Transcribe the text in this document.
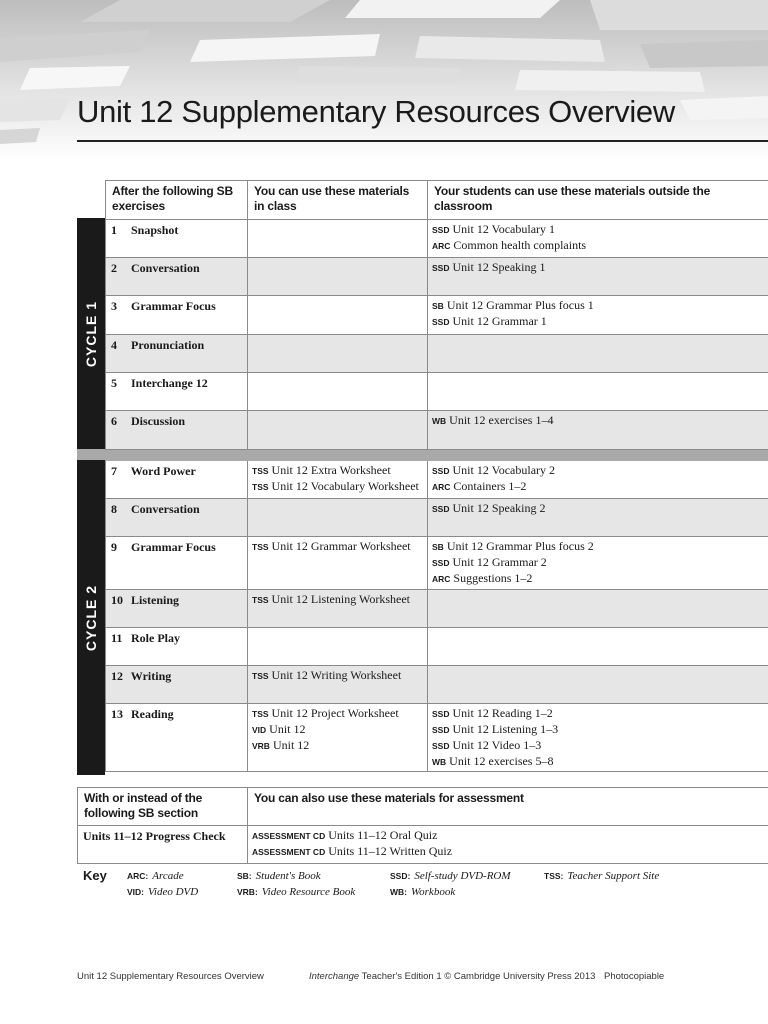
Unit 12 Supplementary Resources Overview
CYCLE 1
CYCLE 2
After the following SB exercises	You can use these materials in class	Your students can use these materials outside the classroom
1 Snapshot		SSD Unit 12 Vocabulary 1
ARC Common health complaints

2 Conversation		SSD Unit 12 Speaking 1

3 Grammar Focus		SB Unit 12 Grammar Plus focus 1
SSD Unit 12 Grammar 1

4 Pronunciation		
5 Interchange 12		
6 Discussion		WB Unit 12 exercises 1–4

7 Word Power	TSS Unit 12 Extra Worksheet
TSS Unit 12 Vocabulary Worksheet	SSD Unit 12 Vocabulary 2
ARC Containers 1–2

8 Conversation		SSD Unit 12 Speaking 2

9 Grammar Focus	TSS Unit 12 Grammar Worksheet	SB Unit 12 Grammar Plus focus 2
SSD Unit 12 Grammar 2
ARC Suggestions 1–2

10 Listening	TSS Unit 12 Listening Worksheet	

11 Role Play		
12 Writing	TSS Unit 12 Writing Worksheet	

13 Reading	TSS Unit 12 Project Worksheet
VID Unit 12
VRB Unit 12	SSD Unit 12 Reading 1–2
SSD Unit 12 Listening 1–3
SSD Unit 12 Video 1–3
WB Unit 12 exercises 5–8
With or instead of the following SB section	You can also use these materials for assessment
Units 11–12 Progress Check	ASSESSMENT CD Units 11–12 Oral Quiz
ASSESSMENT CD Units 11–12 Written Quiz
Key ARC: Arcade	SB: Student's Book	SSD: Self-study DVD-ROM	TSS: Teacher Support Site
VID: Video DVD	VRB: Video Resource Book	WB: Workbook
Unit 12 Supplementary Resources Overview	Interchange Teacher's Edition 1 © Cambridge University Press 2013 Photocopiable
